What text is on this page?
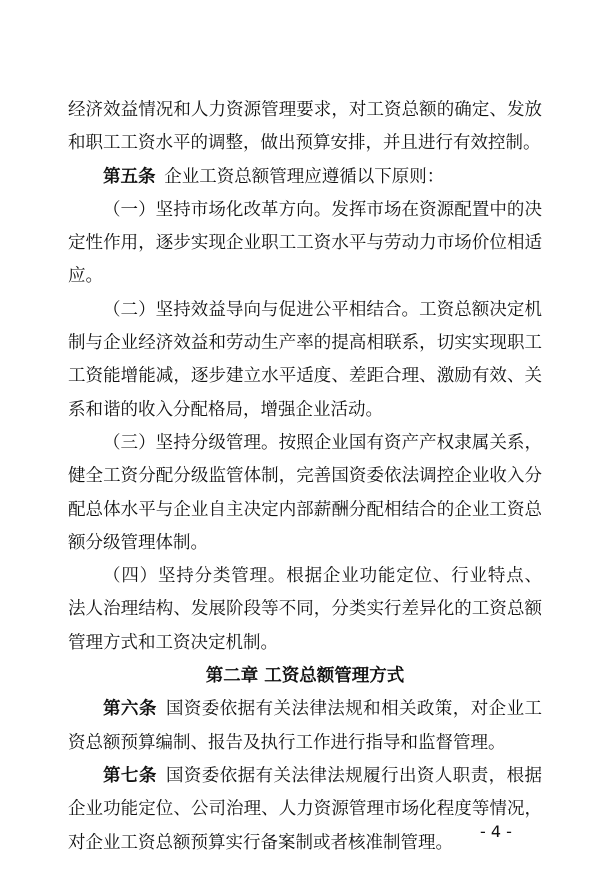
经济效益情况和人力资源管理要求，对工资总额的确定、发放和职工工资水平的调整，做出预算安排，并且进行有效控制。

第五条  企业工资总额管理应遵循以下原则：

（一）坚持市场化改革方向。发挥市场在资源配置中的决定性作用，逐步实现企业职工工资水平与劳动力市场价位相适应。

（二）坚持效益导向与促进公平相结合。工资总额决定机制与企业经济效益和劳动生产率的提高相联系，切实实现职工工资能增能减，逐步建立水平适度、差距合理、激励有效、关系和谐的收入分配格局，增强企业活动。

（三）坚持分级管理。按照企业国有资产产权隶属关系， 健全工资分配分级监管体制，完善国资委依法调控企业收入分配总体水平与企业自主决定内部薪酬分配相结合的企业工资总额分级管理体制。

（四）坚持分类管理。根据企业功能定位、行业特点、 法人治理结构、发展阶段等不同，分类实行差异化的工资总额管理方式和工资决定机制。

第二章 工资总额管理方式

第六条  国资委依据有关法律法规和相关政策，对企业工资总额预算编制、报告及执行工作进行指导和监督管理。

第七条  国资委依据有关法律法规履行出资人职责，根据企业功能定位、公司治理、人力资源管理市场化程度等情况，对企业工资总额预算实行备案制或者核准制管理。

- 4 -
